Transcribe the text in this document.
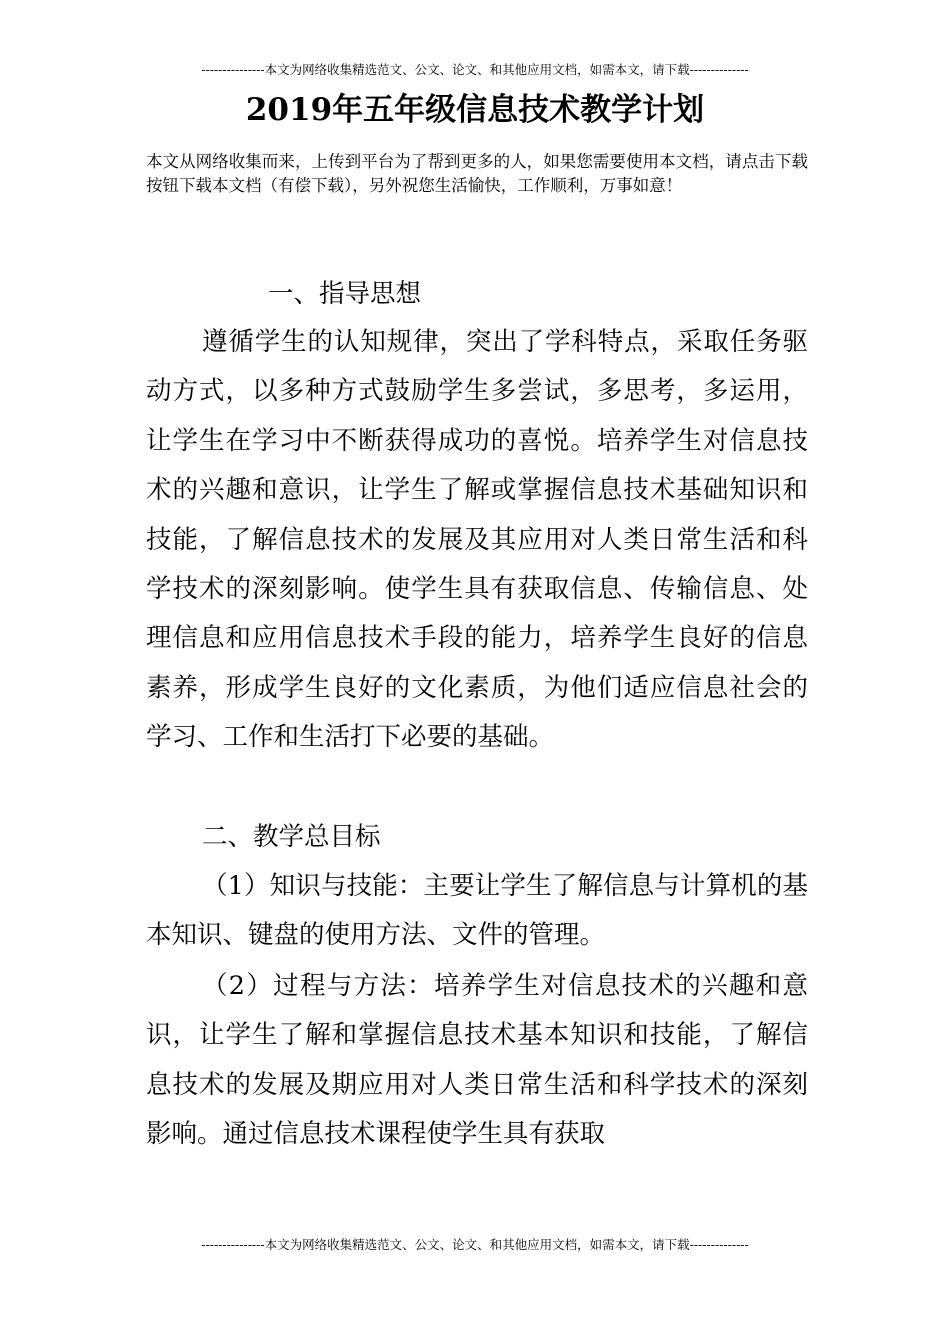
---------------本文为网络收集精选范文、公文、论文、和其他应用文档，如需本文，请下载--------------
2019年五年级信息技术教学计划
本文从网络收集而来，上传到平台为了帮到更多的人，如果您需要使用本文档，请点击下载按钮下载本文档（有偿下载），另外祝您生活愉快，工作顺利，万事如意！
一、指导思想
遵循学生的认知规律，突出了学科特点，采取任务驱动方式，以多种方式鼓励学生多尝试，多思考，多运用，让学生在学习中不断获得成功的喜悦。培养学生对信息技术的兴趣和意识，让学生了解或掌握信息技术基础知识和技能，了解信息技术的发展及其应用对人类日常生活和科学技术的深刻影响。使学生具有获取信息、传输信息、处理信息和应用信息技术手段的能力，培养学生良好的信息素养，形成学生良好的文化素质，为他们适应信息社会的学习、工作和生活打下必要的基础。
二、教学总目标
（1）知识与技能：主要让学生了解信息与计算机的基本知识、键盘的使用方法、文件的管理。
（2）过程与方法：培养学生对信息技术的兴趣和意识，让学生了解和掌握信息技术基本知识和技能，了解信息技术的发展及期应用对人类日常生活和科学技术的深刻影响。通过信息技术课程使学生具有获取
---------------本文为网络收集精选范文、公文、论文、和其他应用文档，如需本文，请下载--------------
